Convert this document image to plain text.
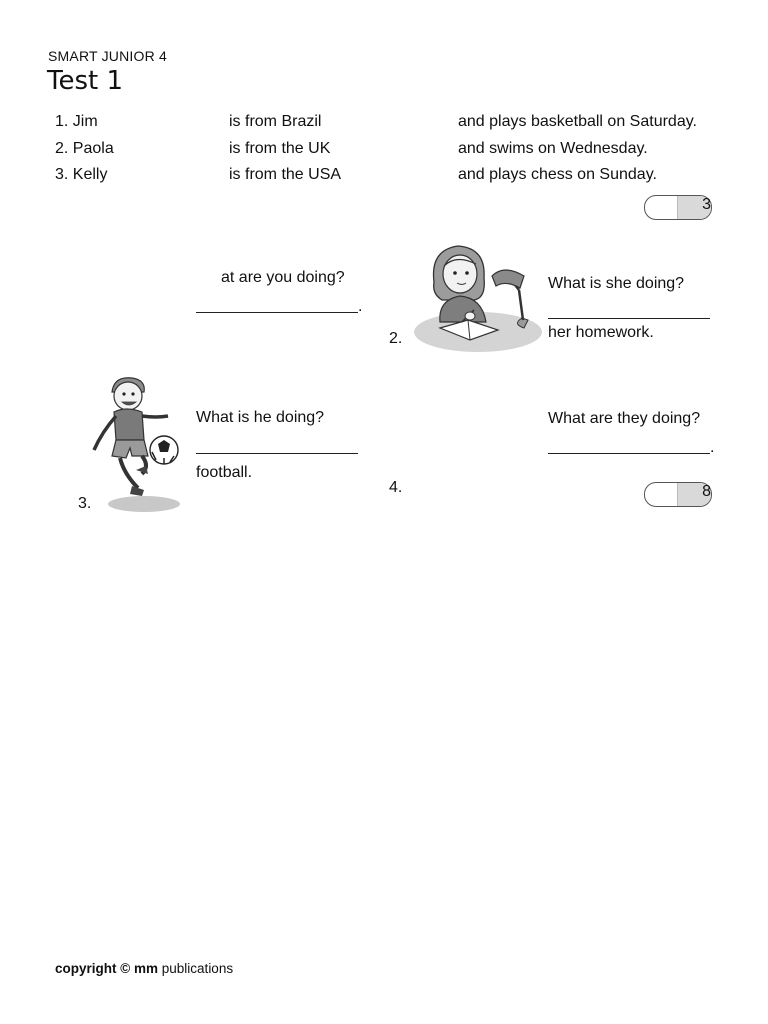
SMART JUNIOR 4
Test 1
1. Jim	is from Brazil	and plays basketball on Saturday.
2. Paola	is from the UK	and swims on Wednesday.
3. Kelly	is from the USA	and plays chess on Sunday.
3
at are you doing?
.
2.
What is she doing?
her homework.
3.
What is he doing?
football.
4.
What are they doing?
.
8
copyright © mm publications
